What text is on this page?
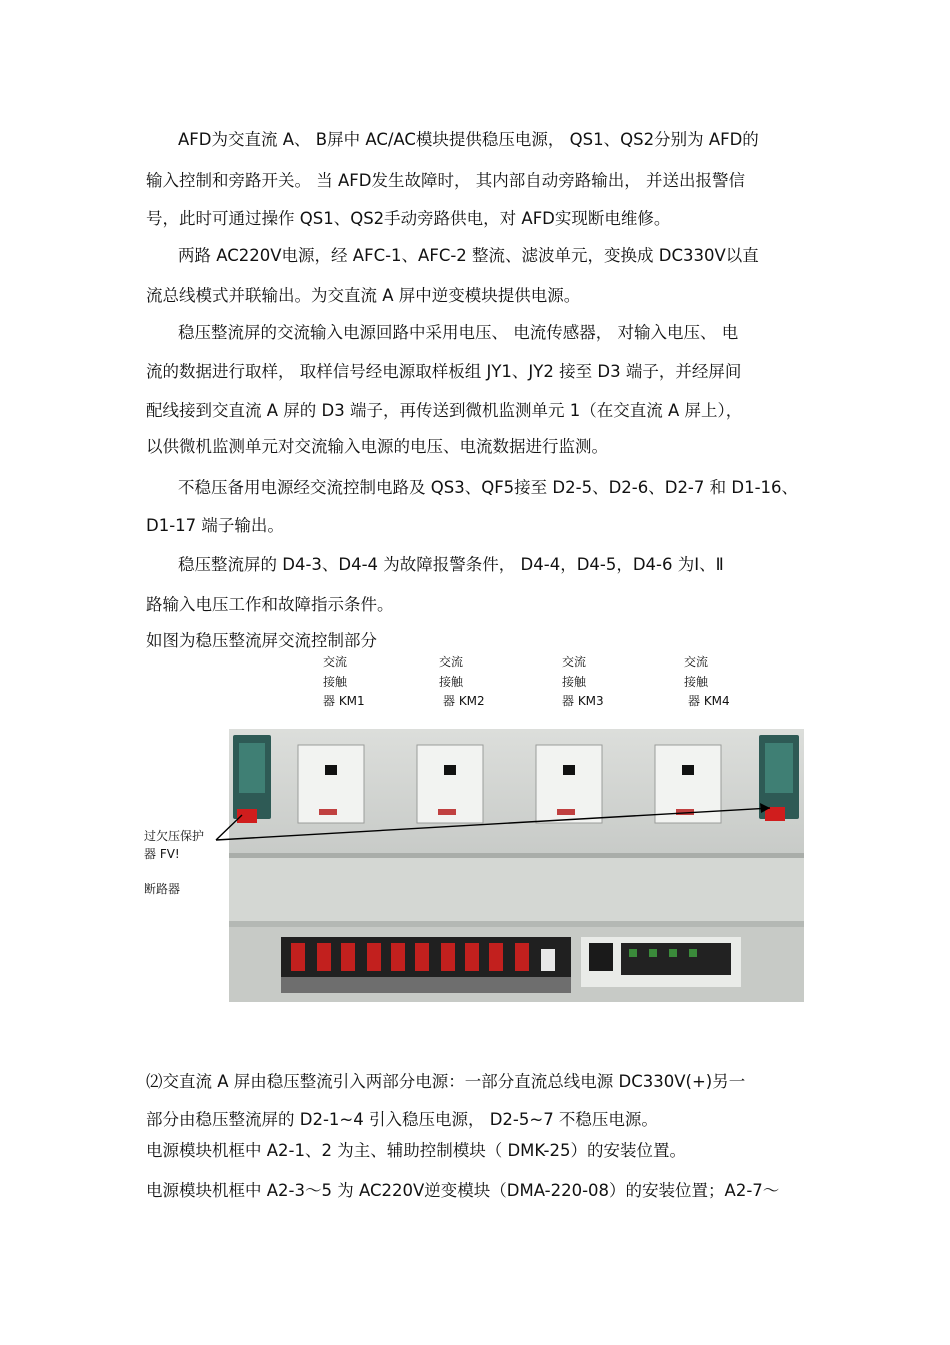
AFD为交直流 A、 B屏中 AC/AC模块提供稳压电源， QS1、QS2分别为 AFD的
输入控制和旁路开关。 当 AFD发生故障时， 其内部自动旁路输出， 并送出报警信
号，此时可通过操作 QS1、QS2手动旁路供电，对 AFD实现断电维修。
两路 AC220V电源，经 AFC-1、AFC-2 整流、滤波单元，变换成 DC330V以直
流总线模式并联输出。为交直流 A 屏中逆变模块提供电源。
稳压整流屏的交流输入电源回路中采用电压、 电流传感器， 对输入电压、 电
流的数据进行取样， 取样信号经电源取样板组 JY1、JY2 接至 D3 端子，并经屏间
配线接到交直流 A 屏的 D3 端子，再传送到微机监测单元 1（在交直流 A 屏上），
以供微机监测单元对交流输入电源的电压、电流数据进行监测。
不稳压备用电源经交流控制电路及 QS3、QF5接至 D2-5、D2-6、D2-7 和 D1-16、
D1-17 端子输出。
稳压整流屏的 D4-3、D4-4 为故障报警条件， D4-4，D4-5，D4-6 为Ⅰ、Ⅱ
路输入电压工作和故障指示条件。
如图为稳压整流屏交流控制部分
交流
接触
器 KM1
交流
接触
器 KM2
交流
接触
器 KM3
交流
接触
器 KM4
过欠压保护
器 FV!
断路器
⑵交直流 A 屏由稳压整流引入两部分电源：一部分直流总线电源 DC330V(+)另一
部分由稳压整流屏的 D2-1~4 引入稳压电源， D2-5~7 不稳压电源。
电源模块机框中 A2-1、2 为主、辅助控制模块（ DMK-25）的安装位置。
电源模块机框中 A2-3～5 为 AC220V逆变模块（DMA-220-08）的安装位置；A2-7～
